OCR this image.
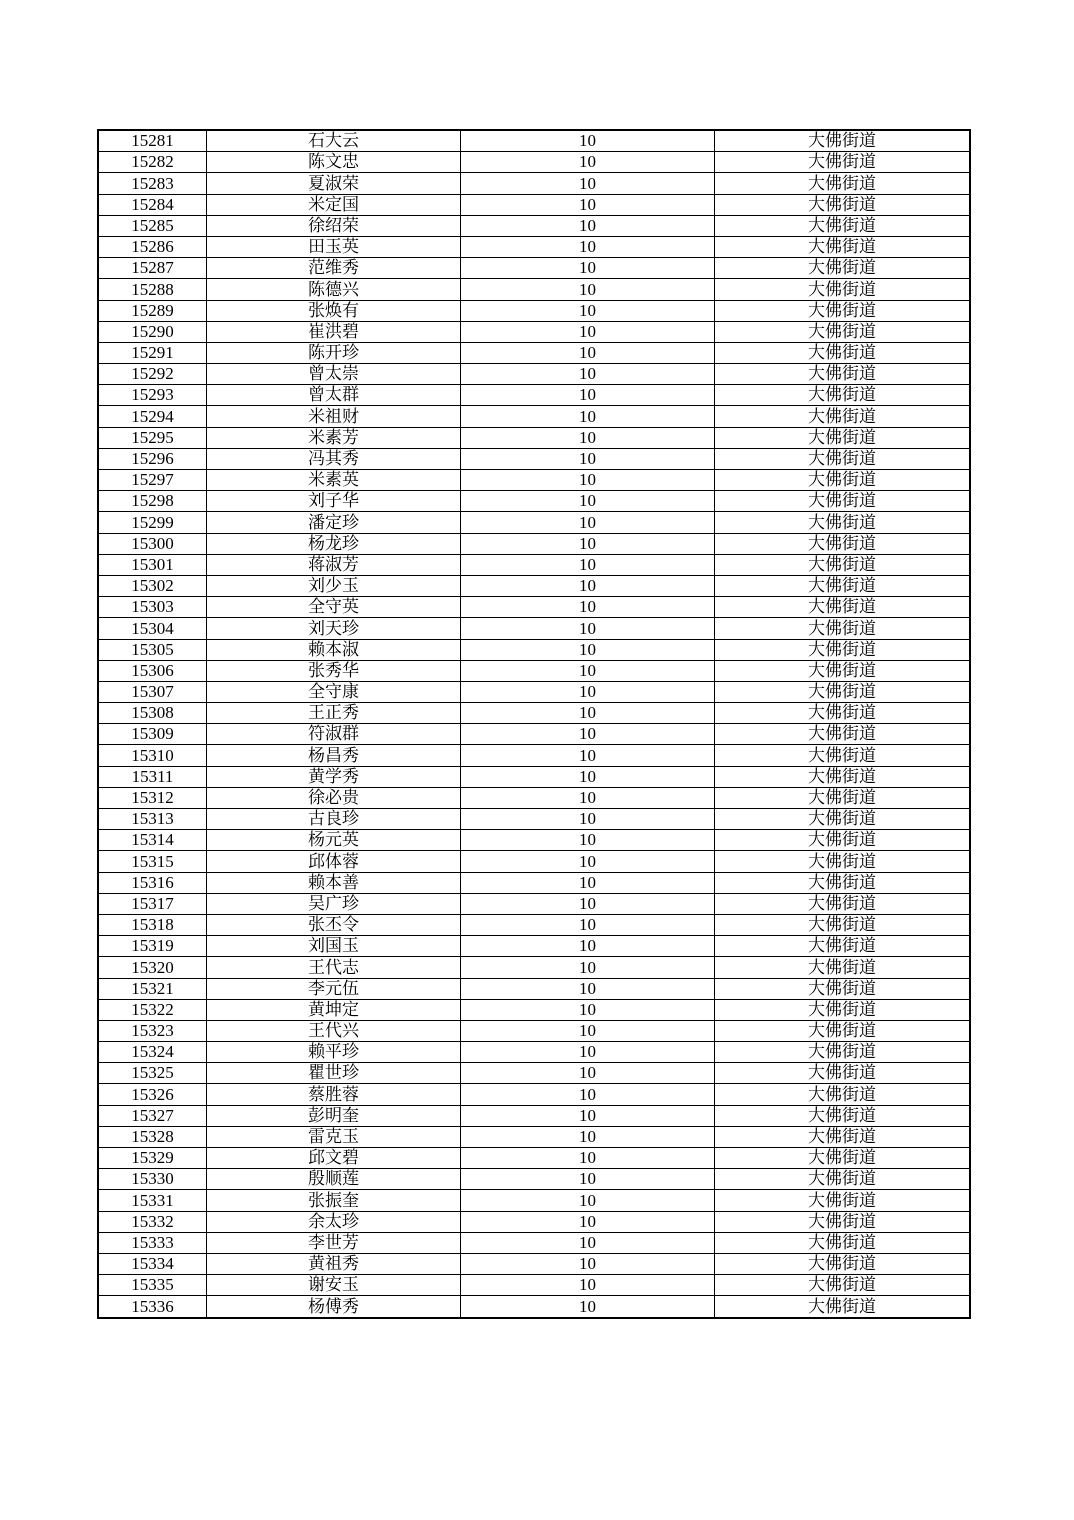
15281	石大云	10	大佛街道
15282	陈文忠	10	大佛街道
15283	夏淑荣	10	大佛街道
15284	米定国	10	大佛街道
15285	徐绍荣	10	大佛街道
15286	田玉英	10	大佛街道
15287	范维秀	10	大佛街道
15288	陈德兴	10	大佛街道
15289	张焕有	10	大佛街道
15290	崔洪碧	10	大佛街道
15291	陈开珍	10	大佛街道
15292	曾太崇	10	大佛街道
15293	曾太群	10	大佛街道
15294	米祖财	10	大佛街道
15295	米素芳	10	大佛街道
15296	冯其秀	10	大佛街道
15297	米素英	10	大佛街道
15298	刘子华	10	大佛街道
15299	潘定珍	10	大佛街道
15300	杨龙珍	10	大佛街道
15301	蒋淑芳	10	大佛街道
15302	刘少玉	10	大佛街道
15303	全守英	10	大佛街道
15304	刘天珍	10	大佛街道
15305	赖本淑	10	大佛街道
15306	张秀华	10	大佛街道
15307	全守康	10	大佛街道
15308	王正秀	10	大佛街道
15309	符淑群	10	大佛街道
15310	杨昌秀	10	大佛街道
15311	黄学秀	10	大佛街道
15312	徐必贵	10	大佛街道
15313	古良珍	10	大佛街道
15314	杨元英	10	大佛街道
15315	邱体蓉	10	大佛街道
15316	赖本善	10	大佛街道
15317	吴广珍	10	大佛街道
15318	张丕令	10	大佛街道
15319	刘国玉	10	大佛街道
15320	王代志	10	大佛街道
15321	李元伍	10	大佛街道
15322	黄坤定	10	大佛街道
15323	王代兴	10	大佛街道
15324	赖平珍	10	大佛街道
15325	瞿世珍	10	大佛街道
15326	蔡胜蓉	10	大佛街道
15327	彭明奎	10	大佛街道
15328	雷克玉	10	大佛街道
15329	邱文碧	10	大佛街道
15330	殷顺莲	10	大佛街道
15331	张振奎	10	大佛街道
15332	余太珍	10	大佛街道
15333	李世芳	10	大佛街道
15334	黄祖秀	10	大佛街道
15335	谢安玉	10	大佛街道
15336	杨傅秀	10	大佛街道
